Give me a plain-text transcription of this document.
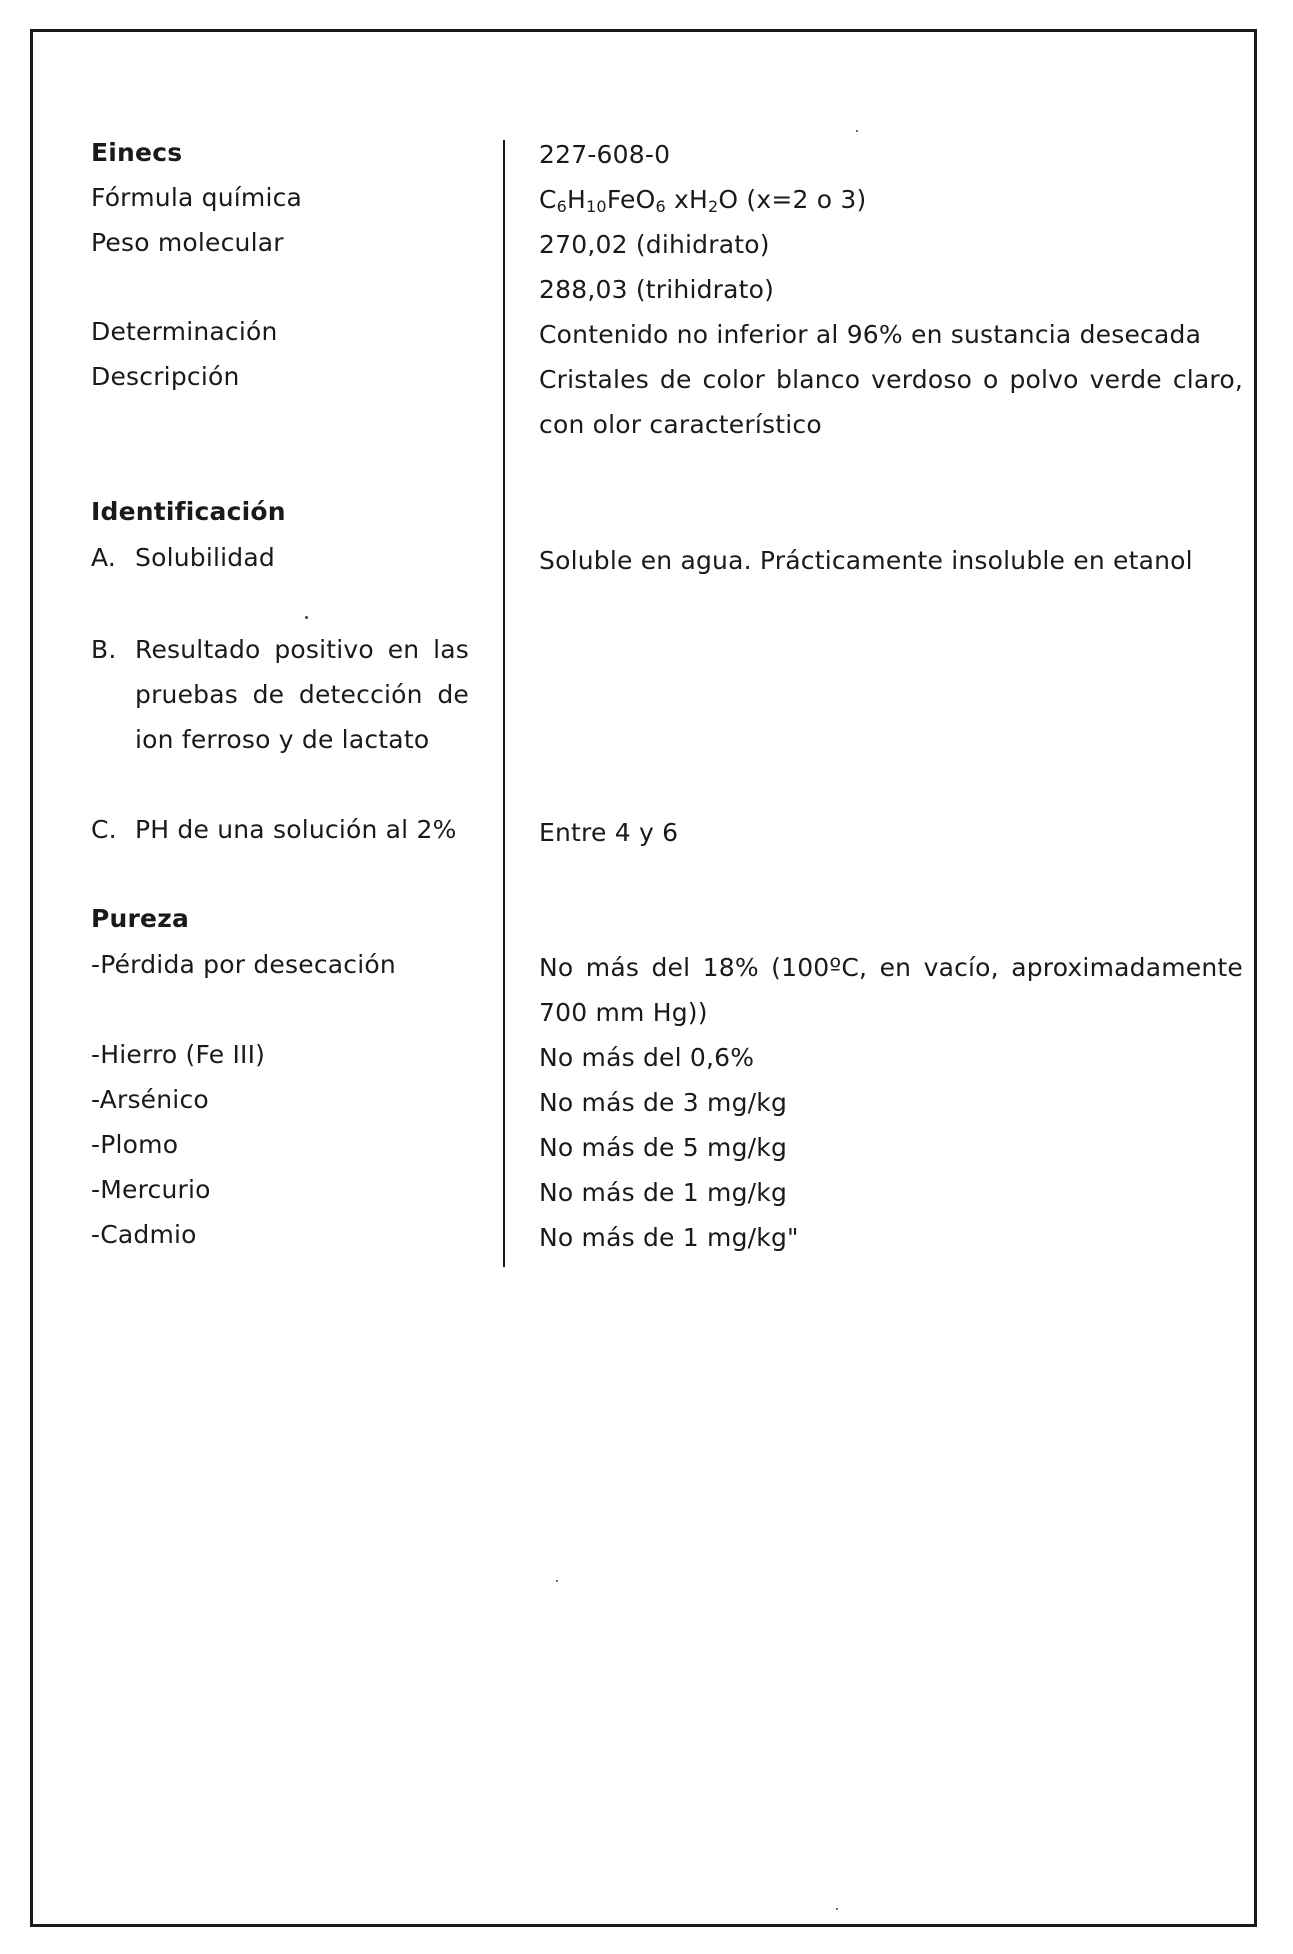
Einecs	227-608-0
Fórmula química	$C_6H_{10}FeO_6$ $xH_2O$ (x=2 o 3)
Peso molecular	270,02 (dihidrato)
288,03 (trihidrato)
Determinación	Contenido no inferior al 96% en sustancia desecada
Descripción	Cristales de color blanco verdoso o polvo verde claro,
con olor característico
Identificación
A. Solubilidad	Soluble en agua. Prácticamente insoluble en etanol
B. Resultado positivo en las
pruebas de detección de
ion ferroso y de lactato
C. PH de una solución al 2%	Entre 4 y 6
Pureza
-Pérdida por desecación	No más del 18% (100ºC, en vacío, aproximadamente
700 mm Hg))
-Hierro (Fe III)	No más del 0,6%
-Arsénico	No más de 3 mg/kg
-Plomo	No más de 5 mg/kg
-Mercurio	No más de 1 mg/kg
-Cadmio	No más de 1 mg/kg"
